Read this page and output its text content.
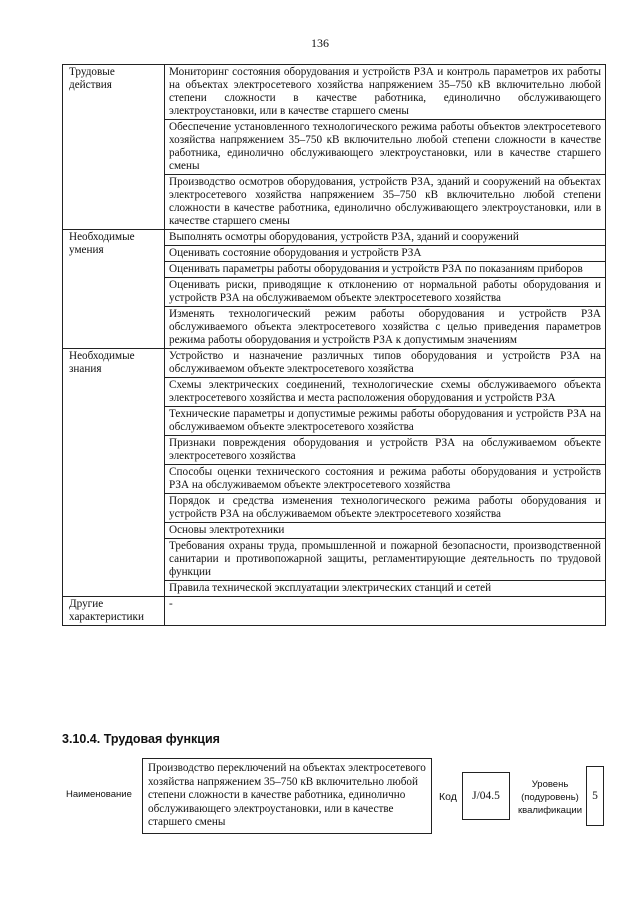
136
Трудовые действия	Мониторинг состояния оборудования и устройств РЗА и контроль параметров их работы на объектах электросетевого хозяйства напряжением 35–750 кВ включительно любой степени сложности в качестве работника, единолично обслуживающего электроустановки, или в качестве старшего смены
	Обеспечение установленного технологического режима работы объектов электросетевого хозяйства напряжением 35–750 кВ включительно любой степени сложности в качестве работника, единолично обслуживающего электроустановки, или в качестве старшего смены
	Производство осмотров оборудования, устройств РЗА, зданий и сооружений на объектах электросетевого хозяйства напряжением 35–750 кВ включительно любой степени сложности в качестве работника, единолично обслуживающего электроустановки, или в качестве старшего смены
Необходимые умения	Выполнять осмотры оборудования, устройств РЗА, зданий и сооружений
	Оценивать состояние оборудования и устройств РЗА
	Оценивать параметры работы оборудования и устройств РЗА по показаниям приборов
	Оценивать риски, приводящие к отклонению от нормальной работы оборудования и устройств РЗА на обслуживаемом объекте электросетевого хозяйства
	Изменять технологический режим работы оборудования и устройств РЗА обслуживаемого объекта электросетевого хозяйства с целью приведения параметров режима работы оборудования и устройств РЗА к допустимым значениям
Необходимые знания	Устройство и назначение различных типов оборудования и устройств РЗА на обслуживаемом объекте электросетевого хозяйства
	Схемы электрических соединений, технологические схемы обслуживаемого объекта электросетевого хозяйства и места расположения оборудования и устройств РЗА
	Технические параметры и допустимые режимы работы оборудования и устройств РЗА на обслуживаемом объекте электросетевого хозяйства
	Признаки повреждения оборудования и устройств РЗА на обслуживаемом объекте электросетевого хозяйства
	Способы оценки технического состояния и режима работы оборудования и устройств РЗА на обслуживаемом объекте электросетевого хозяйства
	Порядок и средства изменения технологического режима работы оборудования и устройств РЗА на обслуживаемом объекте электросетевого хозяйства
	Основы электротехники
	Требования охраны труда, промышленной и пожарной безопасности, производственной санитарии и противопожарной защиты, регламентирующие деятельность по трудовой функции
	Правила технической эксплуатации электрических станций и сетей
Другие характеристики	-
3.10.4. Трудовая функция
Наименование
Производство переключений на объектах электросетевого хозяйства напряжением 35–750 кВ включительно любой степени сложности в качестве работника, единолично обслуживающего электроустановки, или в качестве старшего смены
Код	J/04.5
Уровень (подуровень) квалификации
5
